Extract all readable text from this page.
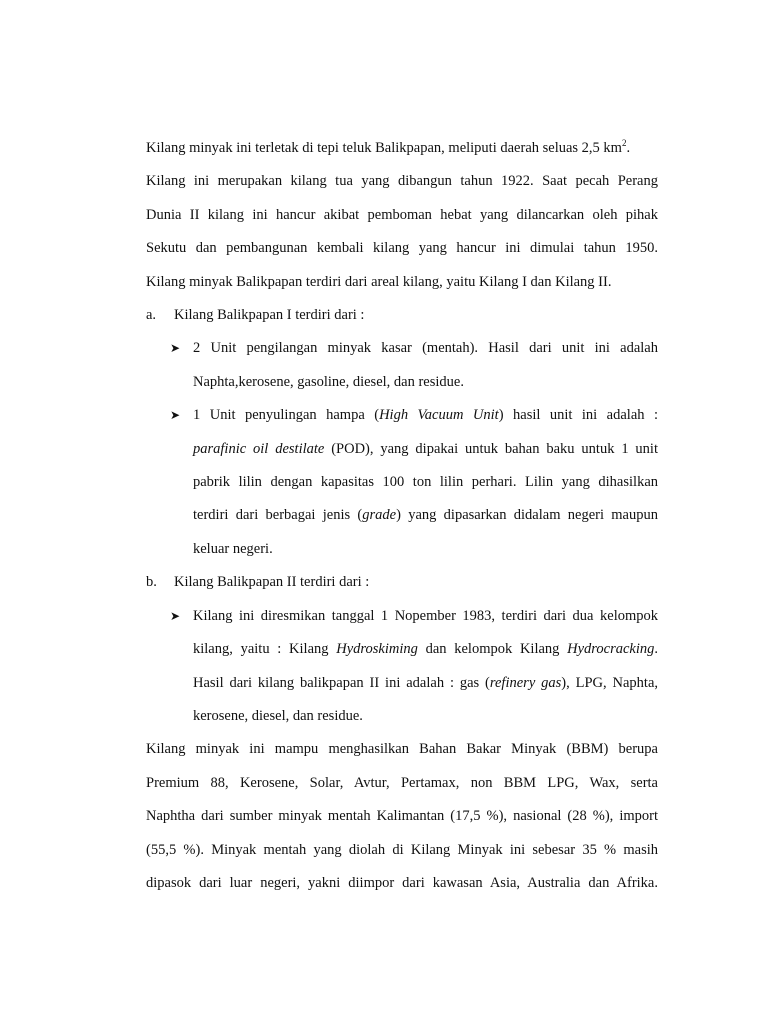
Kilang minyak ini terletak di tepi teluk Balikpapan, meliputi daerah seluas 2,5 $km^2$.

Kilang ini merupakan kilang tua yang dibangun tahun 1922. Saat pecah Perang

Dunia II kilang ini hancur akibat pemboman hebat yang dilancarkan oleh pihak

Sekutu dan pembangunan kembali kilang yang hancur ini dimulai tahun 1950.

Kilang minyak Balikpapan terdiri dari areal kilang, yaitu Kilang I dan Kilang II.

a.	Kilang Balikpapan I terdiri dari :
➤ 2 Unit pengilangan minyak kasar (mentah). Hasil dari unit ini adalah

Naphta,kerosene, gasoline, diesel, dan residue.

➤ 1 Unit penyulingan hampa (High Vacuum Unit) hasil unit ini adalah :

parafinic oil destilate (POD), yang dipakai untuk bahan baku untuk 1 unit

pabrik lilin dengan kapasitas 100 ton lilin perhari. Lilin yang dihasilkan

terdiri dari berbagai jenis (grade) yang dipasarkan didalam negeri maupun

keluar negeri.

b.	Kilang Balikpapan II terdiri dari :
➤ Kilang ini diresmikan tanggal 1 Nopember 1983, terdiri dari dua kelompok

kilang, yaitu : Kilang Hydroskiming dan kelompok Kilang Hydrocracking.

Hasil dari kilang balikpapan II ini adalah : gas (refinery gas), LPG, Naphta,

kerosene, diesel, dan residue.

Kilang minyak ini mampu menghasilkan Bahan Bakar Minyak (BBM) berupa

Premium 88, Kerosene, Solar, Avtur, Pertamax, non BBM LPG, Wax, serta

Naphtha dari sumber minyak mentah Kalimantan (17,5 %), nasional (28 %), import

(55,5 %). Minyak mentah yang diolah di Kilang Minyak ini sebesar 35 % masih

dipasok dari luar negeri, yakni diimpor dari kawasan Asia, Australia dan Afrika.
